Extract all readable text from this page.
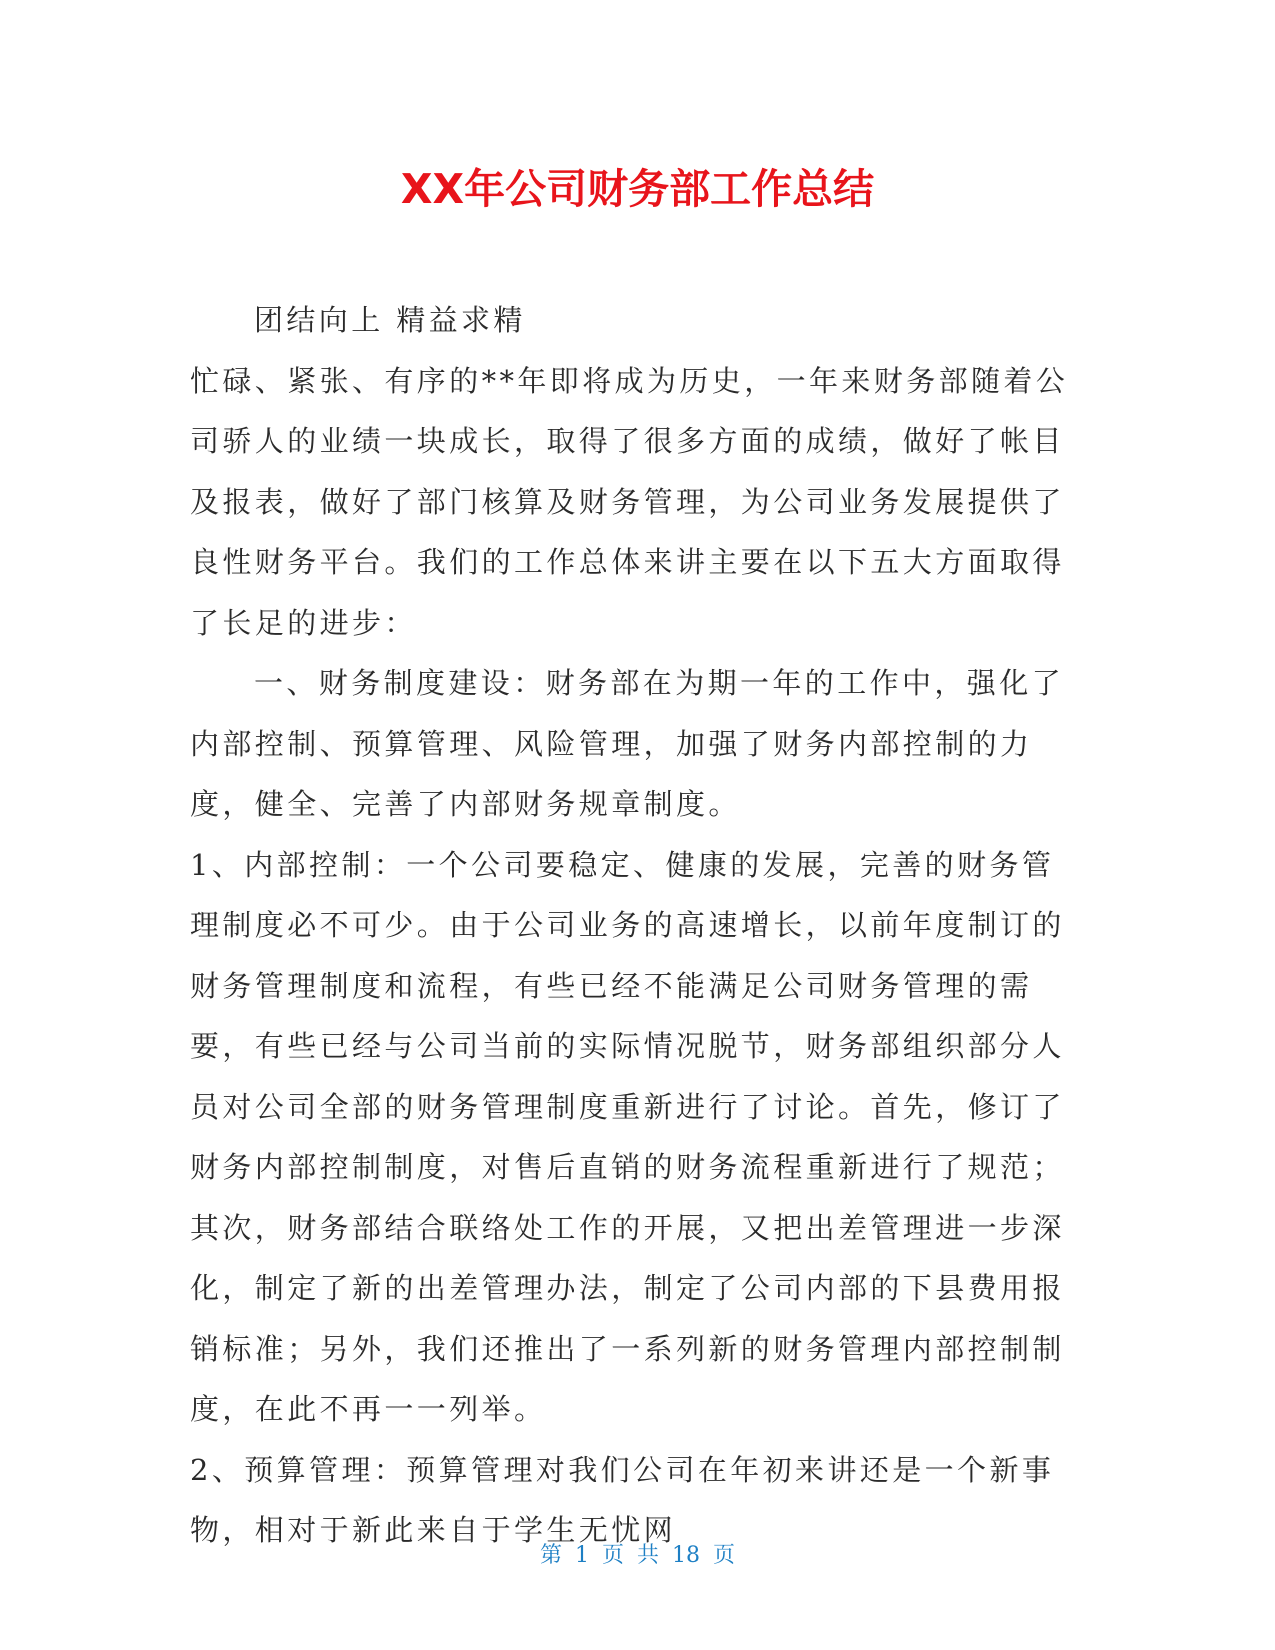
XX年公司财务部工作总结

团结向上 精益求精

忙碌、紧张、有序的**年即将成为历史，一年来财务部随着公司骄人的业绩一块成长，取得了很多方面的成绩，做好了帐目及报表，做好了部门核算及财务管理，为公司业务发展提供了良性财务平台。我们的工作总体来讲主要在以下五大方面取得了长足的进步：

一、财务制度建设：财务部在为期一年的工作中，强化了内部控制、预算管理、风险管理，加强了财务内部控制的力度，健全、完善了内部财务规章制度。

1、内部控制：一个公司要稳定、健康的发展，完善的财务管理制度必不可少。由于公司业务的高速增长，以前年度制订的财务管理制度和流程，有些已经不能满足公司财务管理的需要，有些已经与公司当前的实际情况脱节，财务部组织部分人员对公司全部的财务管理制度重新进行了讨论。首先，修订了财务内部控制制度，对售后直销的财务流程重新进行了规范；其次，财务部结合联络处工作的开展，又把出差管理进一步深化，制定了新的出差管理办法，制定了公司内部的下县费用报销标准；另外，我们还推出了一系列新的财务管理内部控制制度，在此不再一一列举。

2、预算管理：预算管理对我们公司在年初来讲还是一个新事物，相对于新此来自于学生无忧网

第 1 页 共 18 页
